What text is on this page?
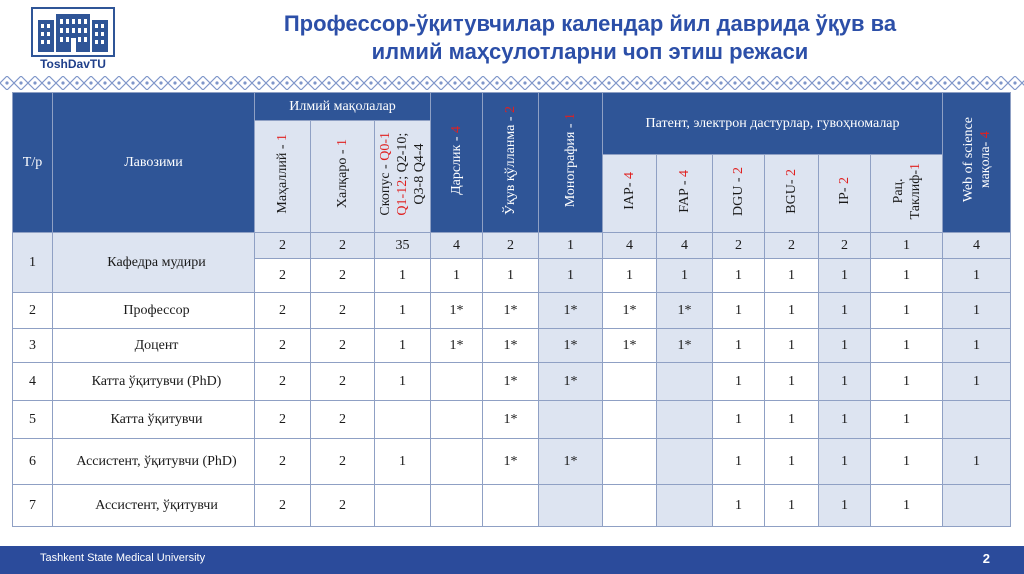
ToshDavTU
Профессор-ўқитувчилар календар йил даврида ўқув ва
илмий маҳсулотларни чоп этиш режаси
Т/р	Лавозими	Илмий мақолалар			Дарслик - 4	Ўқув қўлланма - 2	Монография - 1	Патент, электрон дастурлар, гувоҳномалар						Web of science мақола- 4
		Маҳаллий - 1	Халқаро - 1	Скопус - Q0-1
Q1-12; Q2-10; Q3-8 Q4-4										
								IAP- 4	FAP - 4	DGU - 2	BGU- 2	IP- 2	Рац. Таклиф-1	
1	Кафедра мудири	2	2	35	4	2	1	4	4	2	2	2	1	4
		2	2	1	1	1	1	1	1	1	1	1	1	1
2	Профессор	2	2	1	1*	1*	1*	1*	1*	1	1	1	1	1
3	Доцент	2	2	1	1*	1*	1*	1*	1*	1	1	1	1	1
4	Катта ўқитувчи (PhD)	2	2	1		1*	1*			1	1	1	1	1
5	Катта ўқитувчи	2	2			1*				1	1	1	1	
6	Ассистент, ўқитувчи (PhD)	2	2	1		1*	1*			1	1	1	1	1
7	Ассистент, ўқитувчи	2	2							1	1	1	1	
Tashkent State Medical University	2
